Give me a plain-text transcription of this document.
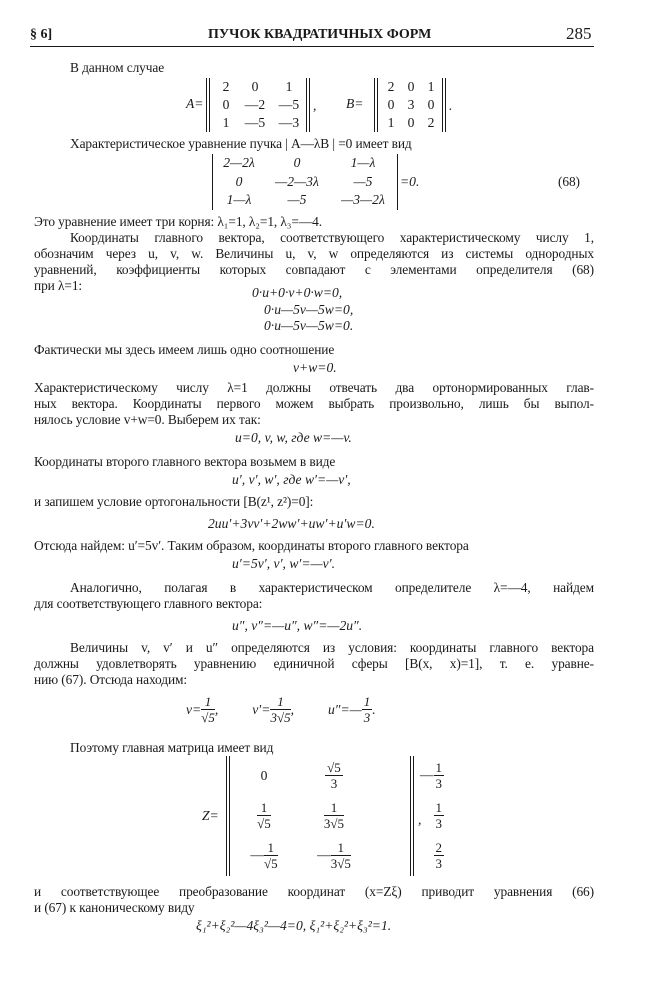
§ 6]	ПУЧОК КВАДРАТИЧНЫХ ФОРМ	285
В данном случае
A=
2	0	1
0	—2	—5
1	—5	—3
, B=
2 0 1
0 3 0
1 0 2
.
Характеристическое уравнение пучка | A—λB | =0 имеет вид
2—2λ	0	1—λ
0	—2—3λ	—5
1—λ	—5	—3—2λ
=0.	(68)
Это уравнение имеет три корня: λ₁=1, λ₂=1, λ₃=—4.
Координаты главного вектора, соответствующего характеристическому числу 1,
обозначим через u, v, w. Величины u, v, w определяются из системы однородных
уравнений, коэффициенты которых совпадают с элементами определителя (68)
при λ=1:	0·u+0·v+0·w=0,
0·u—5v—5w=0,
0·u—5v—5w=0.
Фактически мы здесь имеем лишь одно соотношение
v+w=0.
Характеристическому числу λ=1 должны отвечать два ортонормированных глав-
ных вектора. Координаты первого можем выбрать произвольно, лишь бы выпол-
нялось условие v+w=0. Выберем их так:
u=0, v, w, где w=—v.
Координаты второго главного вектора возьмем в виде
u′, v′, w′, где w′=—v′,
и запишем условие ортогональности [B(z¹, z²)=0]:
2uu′+3vv′+2ww′+uw′+u′w=0.
Отсюда найдем: u′=5v′. Таким образом, координаты второго главного вектора
u′=5v′, v′, w′=—v′.
Аналогично, полагая в характеристическом определителе λ=—4, найдем
для соответствующего главного вектора:
u″, v″=—u″, w″=—2u″.
Величины v, v′ и u″ определяются из условия: координаты главного вектора
должны удовлетворять уравнению единичной сферы [B(x, x)=1], т. е. уравне-
нию (67). Отсюда находим:
$v= \frac{1}{√5}$ ,	$v'= \frac{1}{3√5}$ ,	u″=— $\frac{1}{3}$ .
Поэтому главная матрица имеет вид
Z=
0	$\frac{√5}{3}$	— $\frac{1}{3}$
$\frac{1}{√5}$	$\frac{1}{3√5}$	$\frac{1}{3}$
— $\frac{1}{√5}$	— $\frac{1}{3√5}$	$\frac{2}{3}$
,
и соответствующее преобразование координат (x=Zξ) приводит уравнения (66)
и (67) к каноническому виду
ξ₁²+ξ₂²—4ξ₃²—4=0, ξ₁²+ξ₂²+ξ₃²=1.
